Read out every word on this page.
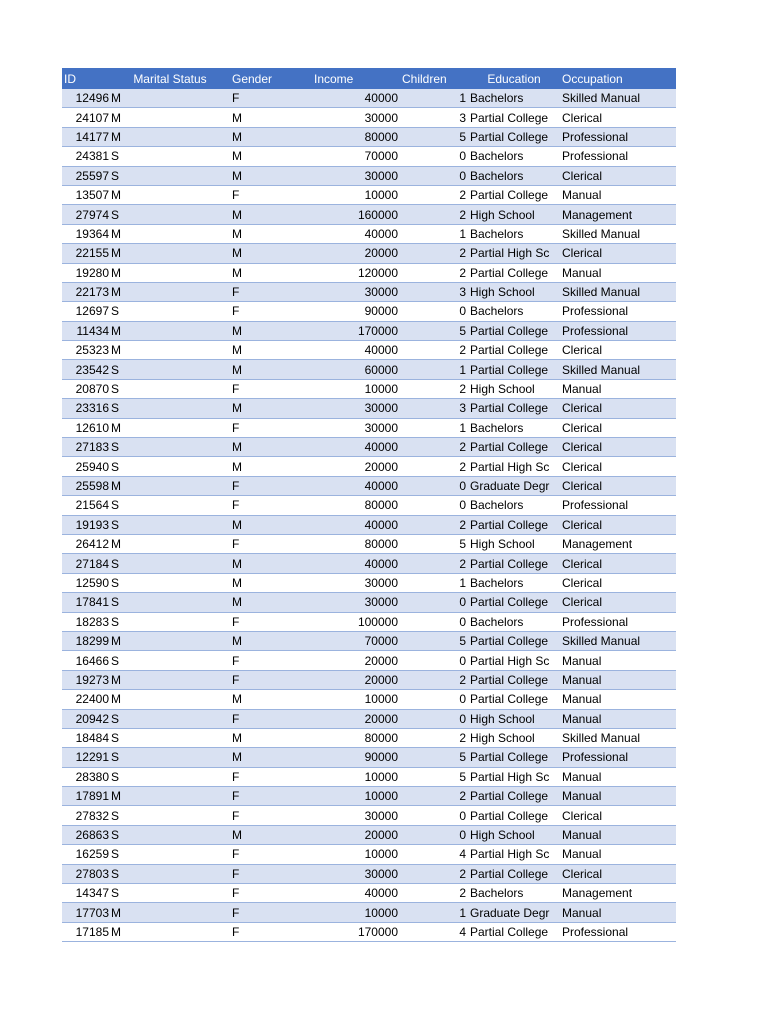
ID	Marital Status	Gender	Income	Children	Education	Occupation
12496	M	F	40000	1	Bachelors	Skilled Manual
24107	M	M	30000	3	Partial College	Clerical
14177	M	M	80000	5	Partial College	Professional
24381	S	M	70000	0	Bachelors	Professional
25597	S	M	30000	0	Bachelors	Clerical
13507	M	F	10000	2	Partial College	Manual
27974	S	M	160000	2	High School	Management
19364	M	M	40000	1	Bachelors	Skilled Manual
22155	M	M	20000	2	Partial High Sc	Clerical
19280	M	M	120000	2	Partial College	Manual
22173	M	F	30000	3	High School	Skilled Manual
12697	S	F	90000	0	Bachelors	Professional
11434	M	M	170000	5	Partial College	Professional
25323	M	M	40000	2	Partial College	Clerical
23542	S	M	60000	1	Partial College	Skilled Manual
20870	S	F	10000	2	High School	Manual
23316	S	M	30000	3	Partial College	Clerical
12610	M	F	30000	1	Bachelors	Clerical
27183	S	M	40000	2	Partial College	Clerical
25940	S	M	20000	2	Partial High Sc	Clerical
25598	M	F	40000	0	Graduate Degr	Clerical
21564	S	F	80000	0	Bachelors	Professional
19193	S	M	40000	2	Partial College	Clerical
26412	M	F	80000	5	High School	Management
27184	S	M	40000	2	Partial College	Clerical
12590	S	M	30000	1	Bachelors	Clerical
17841	S	M	30000	0	Partial College	Clerical
18283	S	F	100000	0	Bachelors	Professional
18299	M	M	70000	5	Partial College	Skilled Manual
16466	S	F	20000	0	Partial High Sc	Manual
19273	M	F	20000	2	Partial College	Manual
22400	M	M	10000	0	Partial College	Manual
20942	S	F	20000	0	High School	Manual
18484	S	M	80000	2	High School	Skilled Manual
12291	S	M	90000	5	Partial College	Professional
28380	S	F	10000	5	Partial High Sc	Manual
17891	M	F	10000	2	Partial College	Manual
27832	S	F	30000	0	Partial College	Clerical
26863	S	M	20000	0	High School	Manual
16259	S	F	10000	4	Partial High Sc	Manual
27803	S	F	30000	2	Partial College	Clerical
14347	S	F	40000	2	Bachelors	Management
17703	M	F	10000	1	Graduate Degr	Manual
17185	M	F	170000	4	Partial College	Professional
